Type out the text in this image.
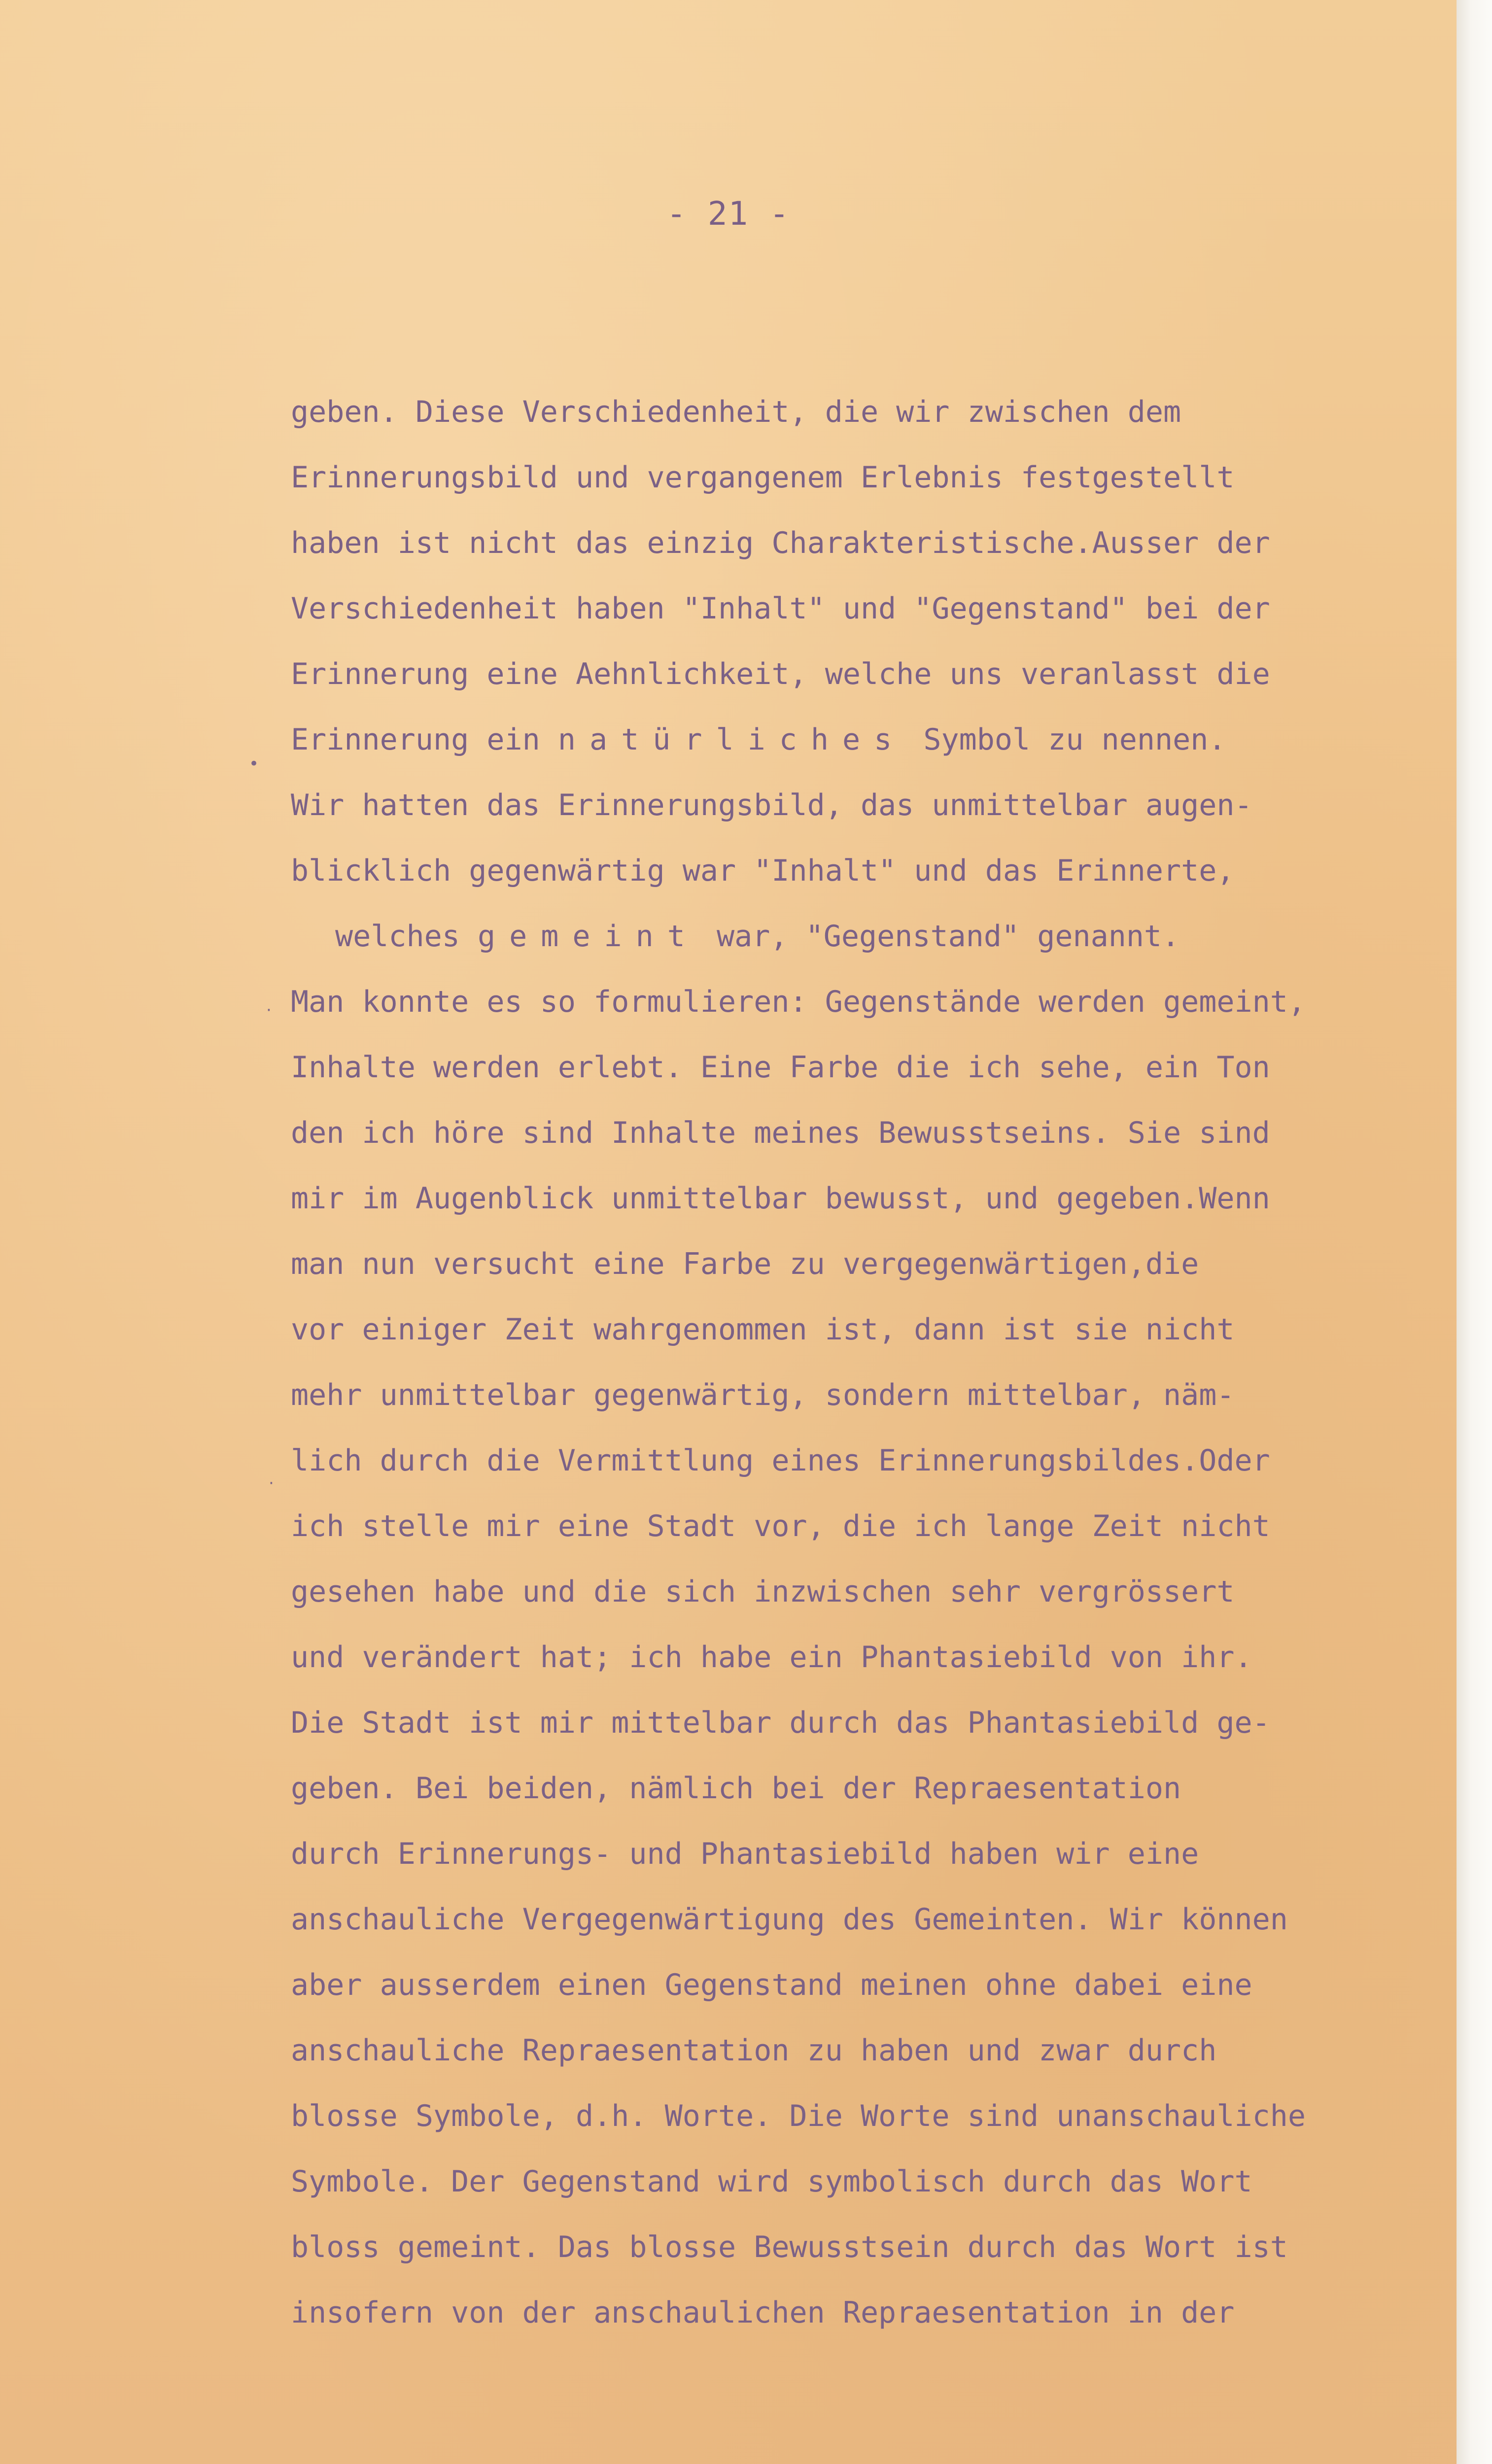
- 21 -
geben. Diese Verschiedenheit, die wir zwischen dem
Erinnerungsbild und vergangenem Erlebnis festgestellt
haben ist nicht das einzig Charakteristische.Ausser der
Verschiedenheit haben "Inhalt" und "Gegenstand" bei der
Erinnerung eine Aehnlichkeit, welche uns veranlasst die
Erinnerung ein natürliches Symbol zu nennen.
Wir hatten das Erinnerungsbild, das unmittelbar augen-
blicklich gegenwärtig war "Inhalt" und das Erinnerte,
welches gemeint war, "Gegenstand" genannt.
Man konnte es so formulieren: Gegenstände werden gemeint,
Inhalte werden erlebt. Eine Farbe die ich sehe, ein Ton
den ich höre sind Inhalte meines Bewusstseins. Sie sind
mir im Augenblick unmittelbar bewusst, und gegeben.Wenn
man nun versucht eine Farbe zu vergegenwärtigen,die
vor einiger Zeit wahrgenommen ist, dann ist sie nicht
mehr unmittelbar gegenwärtig, sondern mittelbar, näm-
lich durch die Vermittlung eines Erinnerungsbildes.Oder
ich stelle mir eine Stadt vor, die ich lange Zeit nicht
gesehen habe und die sich inzwischen sehr vergrössert
und verändert hat; ich habe ein Phantasiebild von ihr.
Die Stadt ist mir mittelbar durch das Phantasiebild ge-
geben. Bei beiden, nämlich bei der Repraesentation
durch Erinnerungs- und Phantasiebild haben wir eine
anschauliche Vergegenwärtigung des Gemeinten. Wir können
aber ausserdem einen Gegenstand meinen ohne dabei eine
anschauliche Repraesentation zu haben und zwar durch
blosse Symbole, d.h. Worte. Die Worte sind unanschauliche
Symbole. Der Gegenstand wird symbolisch durch das Wort
bloss gemeint. Das blosse Bewusstsein durch das Wort ist
insofern von der anschaulichen Repraesentation in der
•
·
·
